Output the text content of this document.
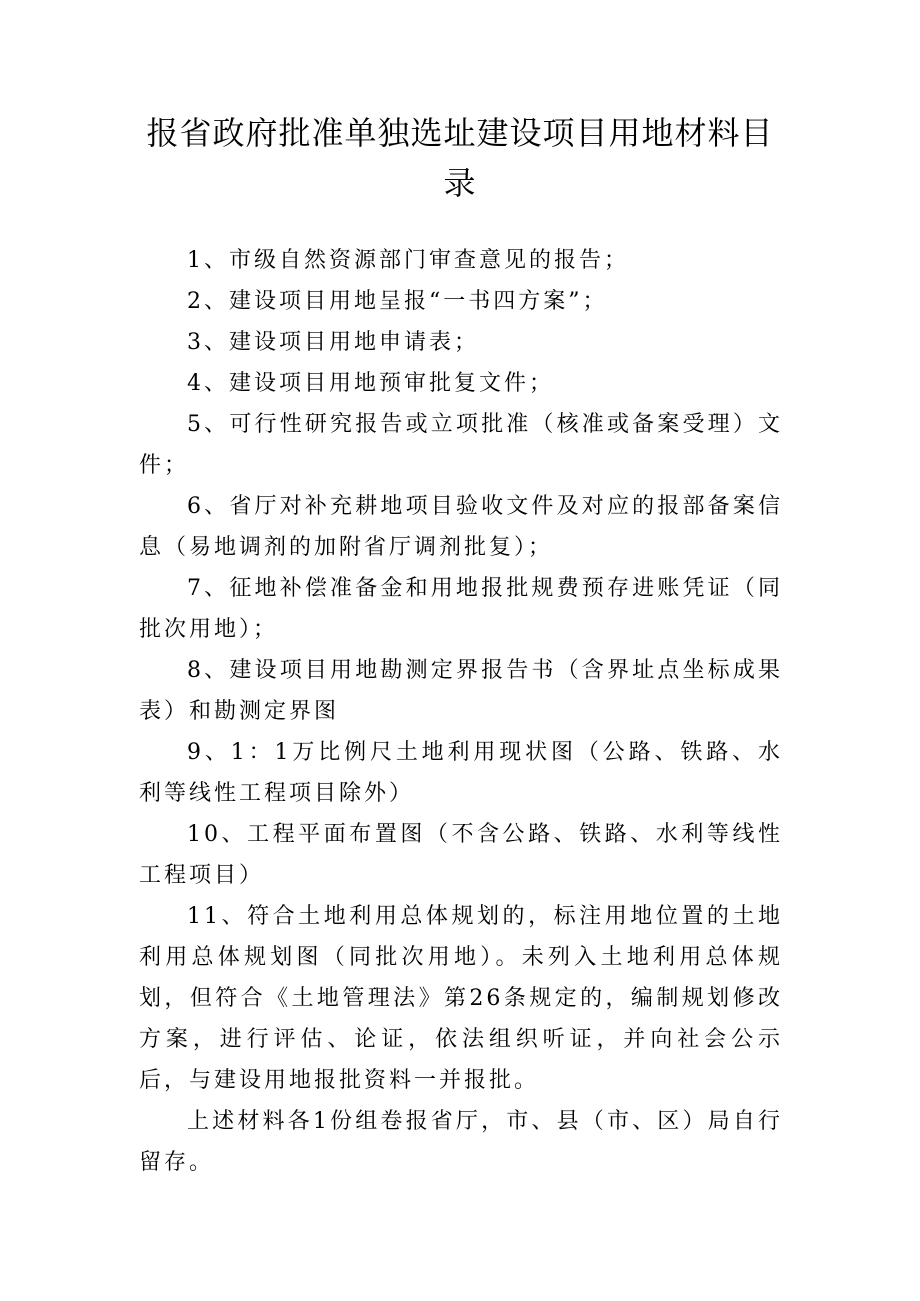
报省政府批准单独选址建设项目用地材料目录

1、市级自然资源部门审查意见的报告；

2、建设项目用地呈报“一书四方案”；

3、建设项目用地申请表；

4、建设项目用地预审批复文件；

5、可行性研究报告或立项批准（核准或备案受理）文件；

6、省厅对补充耕地项目验收文件及对应的报部备案信息（易地调剂的加附省厅调剂批复）；

7、征地补偿准备金和用地报批规费预存进账凭证（同批次用地）；

8、建设项目用地勘测定界报告书（含界址点坐标成果表）和勘测定界图

9、1：1万比例尺土地利用现状图（公路、铁路、水利等线性工程项目除外）

10、工程平面布置图（不含公路、铁路、水利等线性工程项目）

11、符合土地利用总体规划的，标注用地位置的土地利用总体规划图（同批次用地）。未列入土地利用总体规划，但符合《土地管理法》第26条规定的，编制规划修改方案，进行评估、论证，依法组织听证，并向社会公示后，与建设用地报批资料一并报批。

上述材料各1份组卷报省厅，市、县（市、区）局自行留存。
